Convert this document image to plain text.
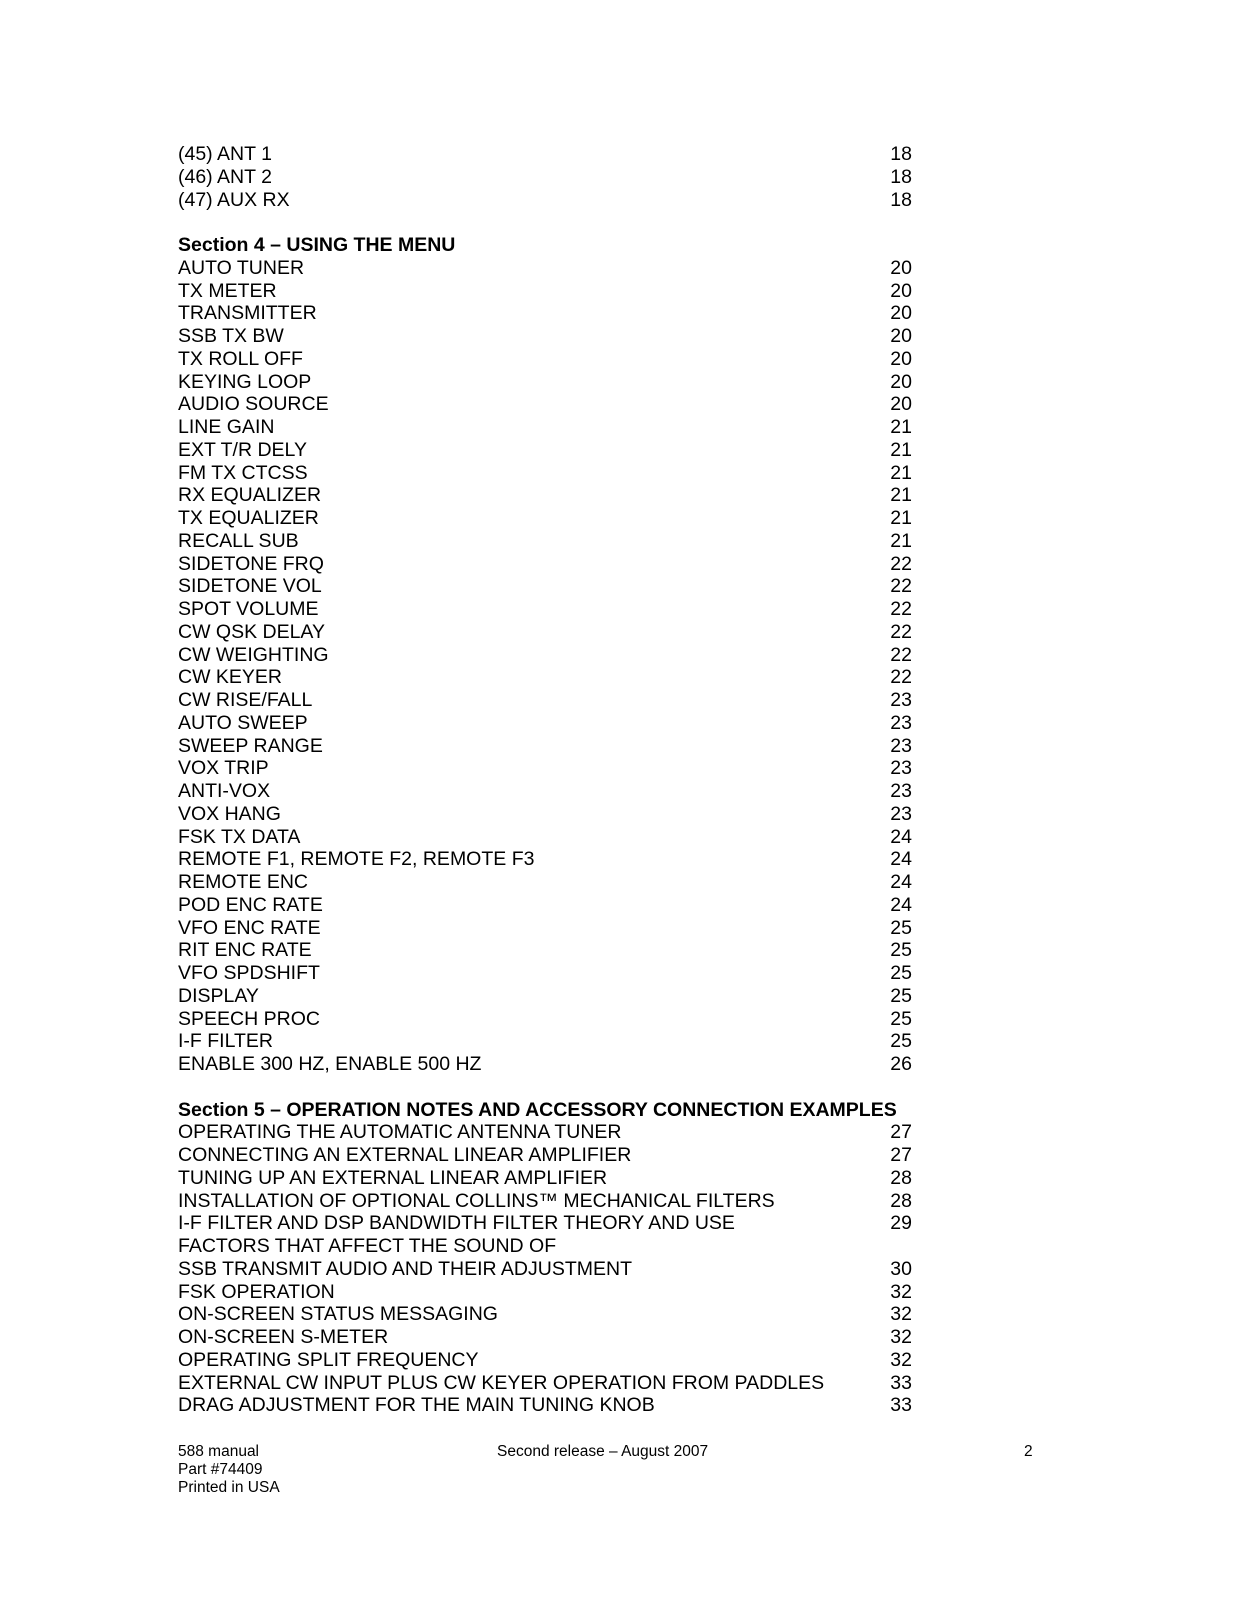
(45) ANT 1	18
(46) ANT 2	18
(47) AUX RX	18
Section 4 – USING THE MENU
AUTO TUNER	20
TX METER	20
TRANSMITTER	20
SSB TX BW	20
TX ROLL OFF	20
KEYING LOOP	20
AUDIO SOURCE	20
LINE GAIN	21
EXT T/R DELY	21
FM TX CTCSS	21
RX EQUALIZER	21
TX EQUALIZER	21
RECALL SUB	21
SIDETONE FRQ	22
SIDETONE VOL	22
SPOT VOLUME	22
CW QSK DELAY	22
CW WEIGHTING	22
CW KEYER	22
CW RISE/FALL	23
AUTO SWEEP	23
SWEEP RANGE	23
VOX TRIP	23
ANTI-VOX	23
VOX HANG	23
FSK TX DATA	24
REMOTE F1, REMOTE F2, REMOTE F3	24
REMOTE ENC	24
POD ENC RATE	24
VFO ENC RATE	25
RIT ENC RATE	25
VFO SPDSHIFT	25
DISPLAY	25
SPEECH PROC	25
I-F FILTER	25
ENABLE 300 HZ, ENABLE 500 HZ	26
Section 5 – OPERATION NOTES AND ACCESSORY CONNECTION EXAMPLES
OPERATING THE AUTOMATIC ANTENNA TUNER	27
CONNECTING AN EXTERNAL LINEAR AMPLIFIER	27
TUNING UP AN EXTERNAL LINEAR AMPLIFIER	28
INSTALLATION OF OPTIONAL COLLINS™ MECHANICAL FILTERS	28
I-F FILTER AND DSP BANDWIDTH FILTER THEORY AND USE	29
FACTORS THAT AFFECT THE SOUND OF
SSB TRANSMIT AUDIO AND THEIR ADJUSTMENT	30
FSK OPERATION	32
ON-SCREEN STATUS MESSAGING	32
ON-SCREEN S-METER	32
OPERATING SPLIT FREQUENCY	32
EXTERNAL CW INPUT PLUS CW KEYER OPERATION FROM PADDLES	33
DRAG ADJUSTMENT FOR THE MAIN TUNING KNOB	33
588 manual
Part #74409
Printed in USA
Second release – August 2007	2
